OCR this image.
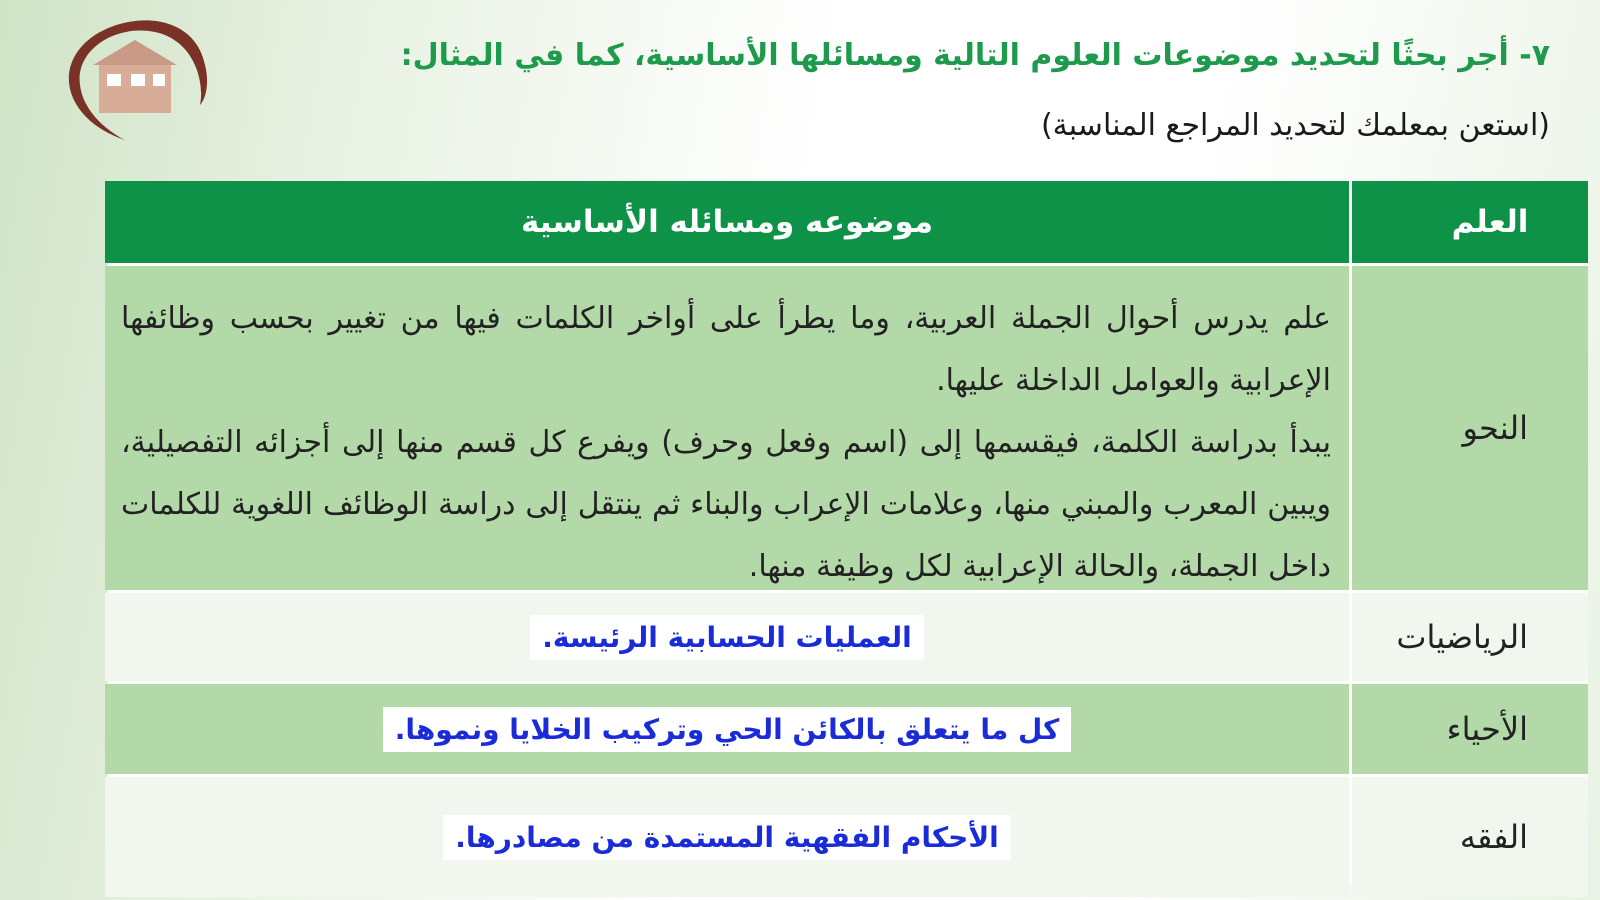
٧- أجر بحثًا لتحديد موضوعات العلوم التالية ومسائلها الأساسية، كما في المثال:
(استعن بمعلمك لتحديد المراجع المناسبة)
العلم
موضوعه ومسائله الأساسية
النحو

علم يدرس أحوال الجملة العربية، وما يطرأ على أواخر الكلمات فيها من تغيير بحسب وظائفها الإعرابية والعوامل الداخلة عليها.

يبدأ بدراسة الكلمة، فيقسمها إلى (اسم وفعل وحرف) ويفرع كل قسم منها إلى أجزائه التفصيلية، ويبين المعرب والمبني منها، وعلامات الإعراب والبناء ثم ينتقل إلى دراسة الوظائف اللغوية للكلمات داخل الجملة، والحالة الإعرابية لكل وظيفة منها.

الرياضيات
العمليات الحسابية الرئيسة.
الأحياء
كل ما يتعلق بالكائن الحي وتركيب الخلايا ونموها.
الفقه
الأحكام الفقهية المستمدة من مصادرها.
